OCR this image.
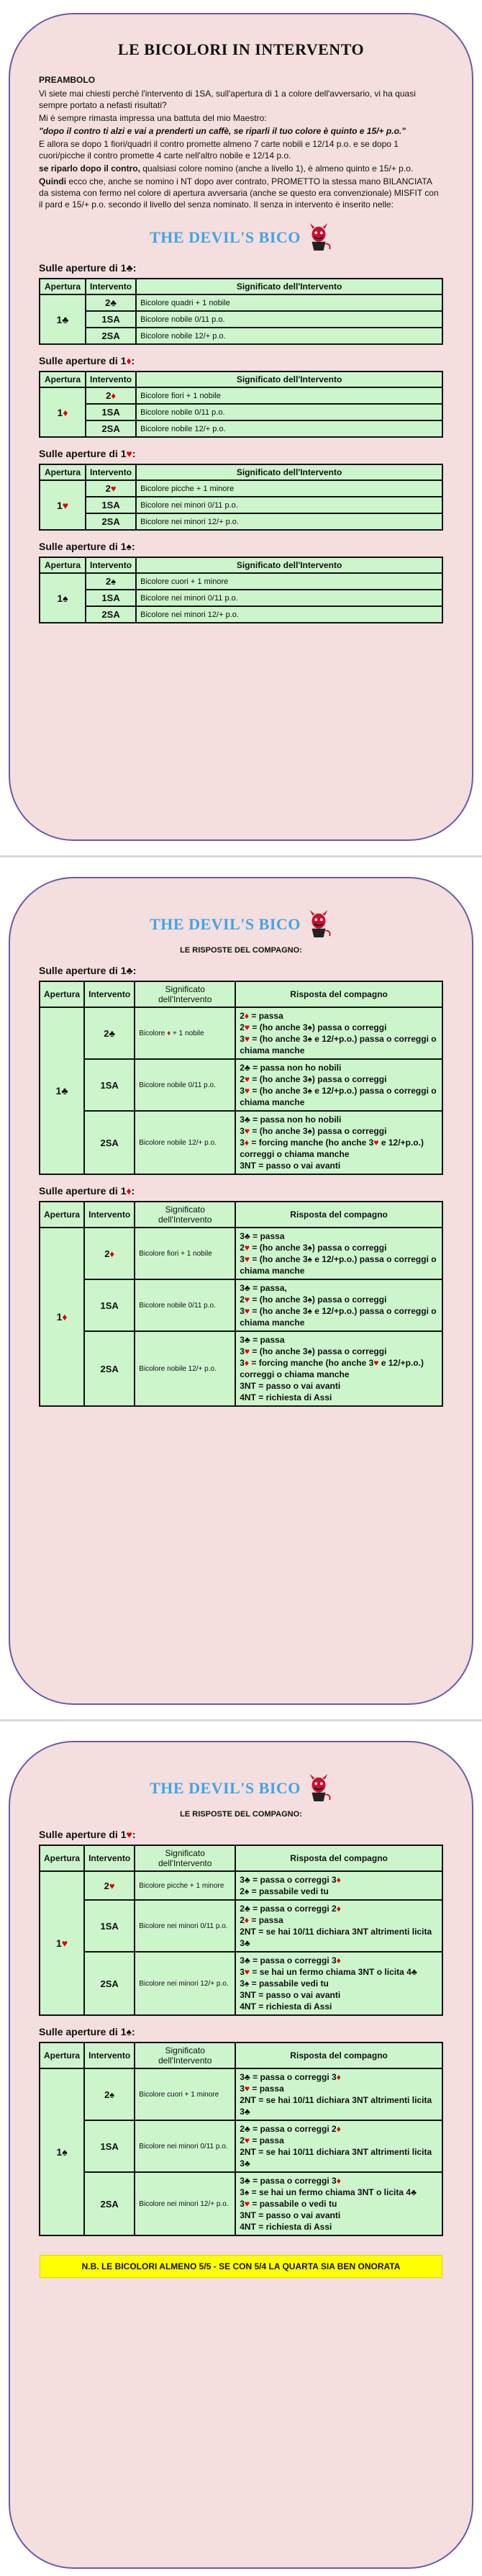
LE BICOLORI IN INTERVENTO
PREAMBOLO
Vi siete mai chiesti perché l'intervento di 1SA, sull'apertura di 1 a colore dell'avversario, vi ha quasi sempre portato a nefasti risultati?
Mi è sempre rimasta impressa una battuta del mio Maestro:
"dopo il contro ti alzi e vai a prenderti un caffè, se riparli il tuo colore è quinto e 15/+ p.o."
E allora se dopo 1 fiori/quadri il contro promette almeno 7 carte nobili e 12/14 p.o. e se dopo 1 cuori/picche il contro promette 4 carte nell'altro nobile e 12/14 p.o.
se riparlo dopo il contro, qualsiasi colore nomino (anche a livello 1), è almeno quinto e 15/+ p.o.
Quindi ecco che, anche se nomino i NT dopo aver contrato, PROMETTO la stessa mano BILANCIATA da sistema con fermo nel colore di apertura avversaria (anche se questo era convenzionale) MISFIT con il pard e 15/+ p.o. secondo il livello del senza nominato. Il senza in intervento è inserito nelle:
THE DEVIL'S BICO
Sulle aperture di 1♣:
Apertura	Intervento	Significato dell'Intervento
1♣	2♣	Bicolore quadri + 1 nobile
	1SA	Bicolore nobile 0/11 p.o.
	2SA	Bicolore nobile 12/+ p.o.
Sulle aperture di 1♦:
Apertura	Intervento	Significato dell'Intervento
1♦	2♦	Bicolore fiori + 1 nobile
	1SA	Bicolore nobile 0/11 p.o.
	2SA	Bicolore nobile 12/+ p.o.
Sulle aperture di 1♥:
Apertura	Intervento	Significato dell'Intervento
1♥	2♥	Bicolore picche + 1 minore
	1SA	Bicolore nei minori 0/11 p.o.
	2SA	Bicolore nei minori 12/+ p.o.
Sulle aperture di 1♠:
Apertura	Intervento	Significato dell'Intervento
1♠	2♠	Bicolore cuori + 1 minore
	1SA	Bicolore nei minori 0/11 p.o.
	2SA	Bicolore nei minori 12/+ p.o.
THE DEVIL'S BICO
LE RISPOSTE DEL COMPAGNO:
Sulle aperture di 1♣:
Apertura	Intervento	Significato dell'Intervento	Risposta del compagno
1♣	2♣	Bicolore ♦ + 1 nobile	2♦ = passa
2♥ = (ho anche 3♠) passa o correggi
3♥ = (ho anche 3♠ e 12/+p.o.) passa o correggi o chiama manche

	1SA	Bicolore nobile 0/11 p.o.	2♣ = passa non ho nobili
2♥ = (ho anche 3♠) passa o correggi
3♥ = (ho anche 3♠ e 12/+p.o.) passa o correggi o chiama manche

	2SA	Bicolore nobile 12/+ p.o.	3♣ = passa non ho nobili
3♥ = (ho anche 3♠) passa o correggi
3♦ = forcing manche (ho anche 3♥ e 12/+p.o.) correggi o chiama manche
3NT = passo o vai avanti
Sulle aperture di 1♦:
Apertura	Intervento	Significato dell'Intervento	Risposta del compagno
1♦	2♦	Bicolore fiori + 1 nobile	3♣ = passa
2♥ = (ho anche 3♠) passa o correggi
3♥ = (ho anche 3♠ e 12/+p.o.) passa o correggi o chiama manche

	1SA	Bicolore nobile 0/11 p.o.	3♣ = passa,
2♥ = (ho anche 3♠) passa o correggi
3♥ = (ho anche 3♠ e 12/+p.o.) passa o correggi o chiama manche

	2SA	Bicolore nobile 12/+ p.o.	3♣ = passa
3♥ = (ho anche 3♠) passa o correggi
3♦ = forcing manche (ho anche 3♥ e 12/+p.o.) correggi o chiama manche
3NT = passo o vai avanti
4NT = richiesta di Assi
THE DEVIL'S BICO
LE RISPOSTE DEL COMPAGNO:
Sulle aperture di 1♥:
Apertura	Intervento	Significato dell'Intervento	Risposta del compagno
1♥	2♥	Bicolore picche + 1 minore	3♣ = passa o correggi 3♦
2♠ = passabile vedi tu

	1SA	Bicolore nei minori 0/11 p.o.	2♣ = passa o correggi 2♦
2♦ = passa
2NT = se hai 10/11 dichiara 3NT altrimenti licita 3♣

	2SA	Bicolore nei minori 12/+ p.o.	3♣ = passa o correggi 3♦
3♥ = se hai un fermo chiama 3NT o licita 4♣
3♠ = passabile vedi tu
3NT = passo o vai avanti
4NT = richiesta di Assi
Sulle aperture di 1♠:
Apertura	Intervento	Significato dell'Intervento	Risposta del compagno
1♠	2♠	Bicolore cuori + 1 minore	3♣ = passa o correggi 3♦
3♥ = passa
2NT = se hai 10/11 dichiara 3NT altrimenti licita 3♣

	1SA	Bicolore nei minori 0/11 p.o.	2♣ = passa o correggi 2♦
2♥ = passa
2NT = se hai 10/11 dichiara 3NT altrimenti licita 3♣

	2SA	Bicolore nei minori 12/+ p.o.	3♣ = passa o correggi 3♦
3♠ = se hai un fermo chiama 3NT o licita 4♣
3♥ = passabile o vedi tu
3NT = passo o vai avanti
4NT = richiesta di Assi
N.B. LE BICOLORI ALMENO 5/5 - SE CON 5/4 LA QUARTA SIA BEN ONORATA
